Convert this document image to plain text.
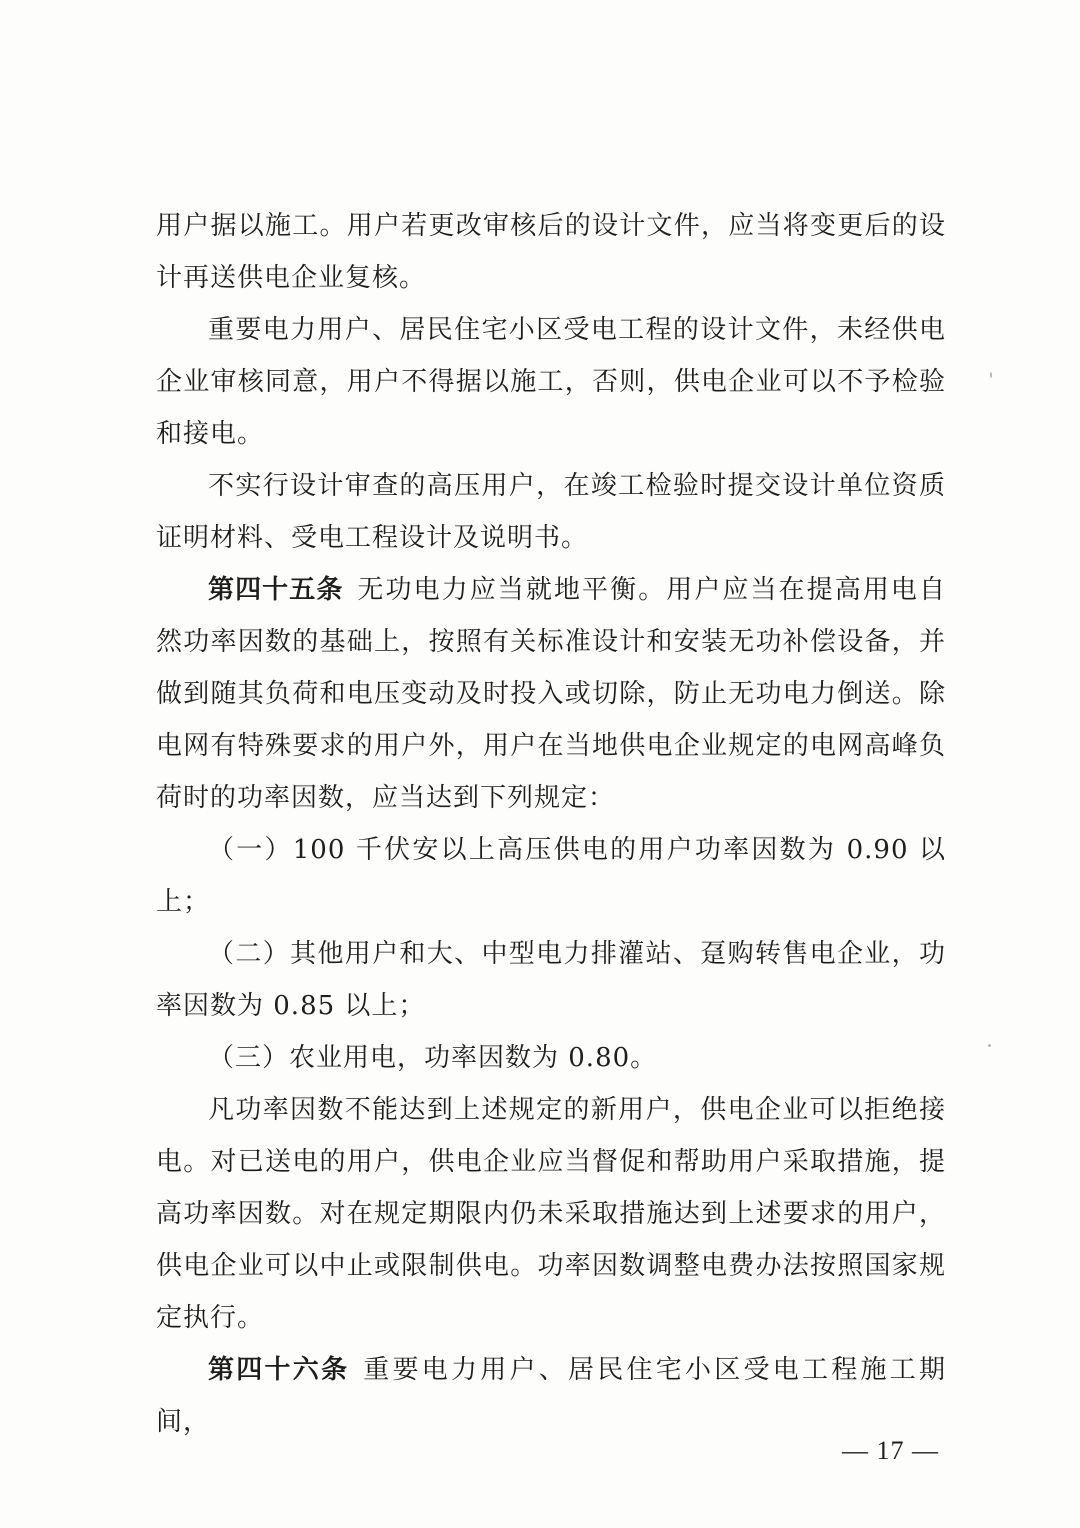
用户据以施工。用户若更改审核后的设计文件，应当将变更后的设计再送供电企业复核。

重要电力用户、居民住宅小区受电工程的设计文件，未经供电企业审核同意，用户不得据以施工，否则，供电企业可以不予检验和接电。

不实行设计审查的高压用户，在竣工检验时提交设计单位资质证明材料、受电工程设计及说明书。

第四十五条 无功电力应当就地平衡。用户应当在提高用电自然功率因数的基础上，按照有关标准设计和安装无功补偿设备，并做到随其负荷和电压变动及时投入或切除，防止无功电力倒送。除电网有特殊要求的用户外，用户在当地供电企业规定的电网高峰负荷时的功率因数，应当达到下列规定：

（一）100 千伏安以上高压供电的用户功率因数为 0.90 以上；

（二）其他用户和大、中型电力排灌站、趸购转售电企业，功率因数为 0.85 以上；

（三）农业用电，功率因数为 0.80。

凡功率因数不能达到上述规定的新用户，供电企业可以拒绝接电。对已送电的用户，供电企业应当督促和帮助用户采取措施，提高功率因数。对在规定期限内仍未采取措施达到上述要求的用户，供电企业可以中止或限制供电。功率因数调整电费办法按照国家规定执行。

第四十六条 重要电力用户、居民住宅小区受电工程施工期间，

— 17 —
